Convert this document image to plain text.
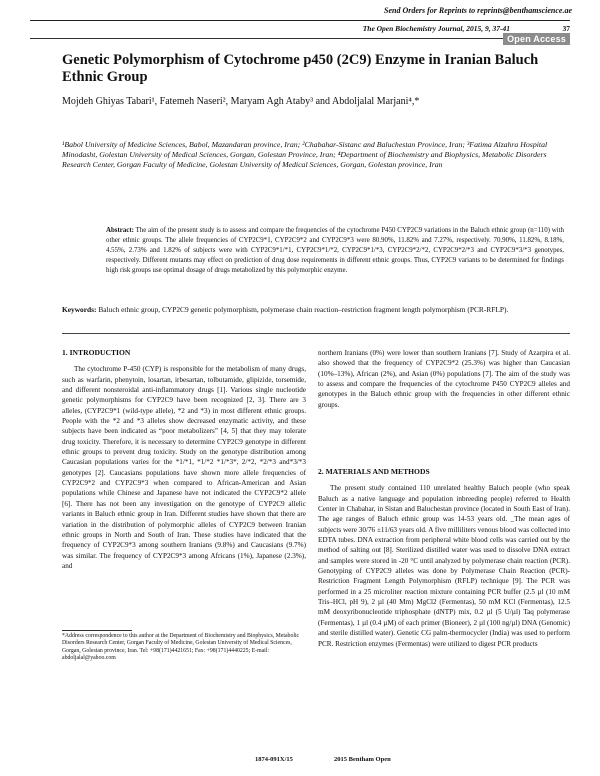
Send Orders for Reprints to reprints@benthamscience.ae
The Open Biochemistry Journal, 2015, 9, 37-41	37
Open Access
Genetic Polymorphism of Cytochrome p450 (2C9) Enzyme in Iranian Baluch Ethnic Group
Mojdeh Ghiyas Tabari¹, Fatemeh Naseri², Maryam Agh Ataby³ and Abdoljalal Marjani⁴,*
¹Babol University of Medicine Sciences, Babol, Mazandaran province, Iran; ²Chabahar-Sistanc and Baluchestan Province, Iran; ³Fatima Alzahra Hospital Minodasht, Golestan University of Medical Sciences, Gorgan, Golestan Province, Iran; ⁴Department of Biochemistry and Biophysics, Metabolic Disorders Research Center, Gorgan Faculty of Medicine, Golestan University of Medical Sciences, Gorgan, Golestan province, Iran
Abstract: The aim of the present study is to assess and compare the frequencies of the cytochrome P450 CYP2C9 variations in the Baluch ethnic group (n=110) with other ethnic groups. The allele frequencies of CYP2C9*1, CYP2C9*2 and CYP2C9*3 were 80.90%, 11.82% and 7.27%, respectively. 70.90%, 11.82%, 8.18%, 4.55%, 2.73% and 1.82% of subjects were with CYP2C9*1/*1, CYP2C9*1/*2, CYP2C9*1/*3, CYP2C9*2/*2, CYP2C9*2/*3 and CYP2C9*3/*3 genotypes, respectively. Different mutants may effect on prediction of drug dose requirements in different ethnic groups. Thus, CYP2C9 variants to be determined for findings high risk groups use optimal dosage of drugs metabolized by this polymorphic enzyme.
Keywords: Baluch ethnic group, CYP2C9 genetic polymorphism, polymerase chain reaction–restriction fragment length polymorphism (PCR-RFLP).
1. INTRODUCTION

The cytochrome P-450 (CYP) is responsible for the metabolism of many drugs, such as warfarin, phenytoin, losartan, irbesartan, tolbutamide, glipizide, torsemide, and different nonsteroidal anti-inflammatory drugs [1]. Various single nucleotide genetic polymorphisms for CYP2C9 have been recognized [2, 3]. There are 3 alleles, (CYP2C9*1 (wild-type allele), *2 and *3) in most different ethnic groups. People with the *2 and *3 alleles show decreased enzymatic activity, and these subjects have been indicated as “poor metabolizers” [4, 5] that they may tolerate drug toxicity. Therefore, it is necessary to determine CYP2C9 genotype in different ethnic groups to prevent drug toxicity. Study on the genotype distribution among Caucasian populations varies for the *1/*1, *1/*2 *1/*3*, 2/*2, *2/*3 and*3/*3 genotypes [2]. Caucasians populations have shown more allele frequencies of CYP2C9*2 and CYP2C9*3 when compared to African-American and Asian populations while Chinese and Japanese have not indicated the CYP2C9*2 allele [6]. There has not been any investigation on the genotype of CYP2C9 allelic variants in Baluch ethnic group in Iran. Different studies have shown that there are variation in the distribution of polymorphic alleles of CYP2C9 between Iranian ethnic groups in North and South of Iran. These studies have indicated that the frequency of CYP2C9*3 among southern Iranians (9.8%) and Caucasians (9.7%) was similar. The frequency of CYP2C9*3 among Africans (1%), Japanese (2.3%), and

northern Iranians (0%) were lower than southern Iranians [7]. Study of Azarpira et al. also showed that the frequency of CYP2C9*2 (25.3%) was higher than Caucasian (10%–13%), African (2%), and Asian (0%) populations [7]. The aim of the study was to assess and compare the frequencies of the cytochrome P450 CYP2C9 alleles and genotypes in the Baluch ethnic group with the frequencies in other different ethnic groups.

2. MATERIALS AND METHODS

The present study contained 110 unrelated healthy Baluch people (who speak Baluch as a native language and population inbreeding people) referred to Health Center in Chabahar, in Sistan and Baluchestan province (located in South East of Iran). The age ranges of Baluch ethnic group was 14-53 years old. _The mean ages of subjects were 30/76 ±11/63 years old. A five milliliters venous blood was collected into EDTA tubes. DNA extraction from peripheral white blood cells was carried out by the method of salting out [8]. Sterilized distilled water was used to dissolve DNA extract and samples were stored in -20 °C until analyzed by polymerase chain reaction (PCR). Genotyping of CYP2C9 alleles was done by Polymerase Chain Reaction (PCR)-Restriction Fragment Length Polymorphism (RFLP) technique [9]. The PCR was performed in a 25 microliter reaction mixture containing PCR buffer (2.5 µl (10 mM Tris–HCl, pH 9), 2 µl (40 Mm) MgCl2 (Fermentas), 50 mM KCl (Fermentas), 12.5 mM deoxyribonucleotide triphosphate (dNTP) mix, 0.2 µl (5 U/µl) Taq polymerase (Fermentas), 1 µl (0.4 µM) of each primer (Bioneer), 2 µl (100 ng/µl) DNA (Genomic) and sterile distilled water). Genetic CG palm-thermocycler (India) was used to perform PCR. Restriction enzymes (Fermentas) were utilized to digest PCR products

*Address correspondence to this author at the Department of Biochemistry and Biophysics, Metabolic Disorders Research Center, Gorgan Faculty of Medicine, Golestan University of Medical Sciences, Gorgan, Golestan province, Iran. Tel: +98(171)4421651; Fax: +98(171)4440225; E-mail: abdoljalal@yahoo.com
1874-091X/15	2015 Bentham Open
